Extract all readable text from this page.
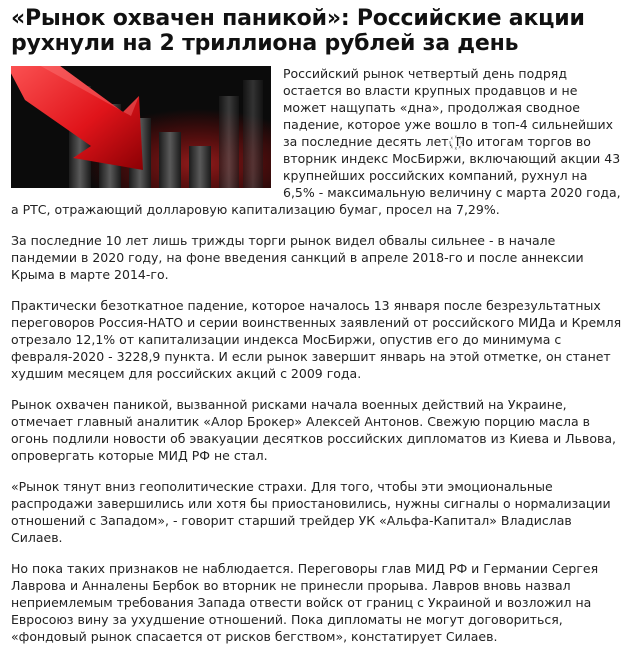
«Рынок охвачен паникой»: Российские акции рухнули на 2 триллиона рублей за день

Российский рынок четвертый день подряд остается во власти крупных продавцов и не может нащупать «дна», продолжая сводное падение, которое уже вошло в топ-4 сильнейших за последние десять лет. По итогам торгов во вторник индекс МосБиржи, включающий акции 43 крупнейших российских компаний, рухнул на 6,5% - максимальную величину с марта 2020 года, а РТС, отражающий долларовую капитализацию бумаг, просел на 7,29%.

За последние 10 лет лишь трижды торги рынок видел обвалы сильнее - в начале пандемии в 2020 году, на фоне введения санкций в апреле 2018-го и после аннексии Крыма в марте 2014-го.

Практически безоткатное падение, которое началось 13 января после безрезультатных переговоров Россия-НАТО и серии воинственных заявлений от российского МИДа и Кремля отрезало 12,1% от капитализации индекса МосБиржи, опустив его до минимума с февраля-2020 - 3228,9 пункта. И если рынок завершит январь на этой отметке, он станет худшим месяцем для российских акций с 2009 года.

Рынок охвачен паникой, вызванной рисками начала военных действий на Украине, отмечает главный аналитик «Алор Брокер» Алексей Антонов. Свежую порцию масла в огонь подлили новости об эвакуации десятков российских дипломатов из Киева и Львова, опровергать которые МИД РФ не стал.

«Рынок тянут вниз геополитические страхи. Для того, чтобы эти эмоциональные распродажи завершились или хотя бы приостановились, нужны сигналы о нормализации отношений с Западом», - говорит старший трейдер УК «Альфа-Капитал» Владислав Силаев.

Но пока таких признаков не наблюдается. Переговоры глав МИД РФ и Германии Сергея Лаврова и Анналены Бербок во вторник не принесли прорыва. Лавров вновь назвал неприемлемым требования Запада отвести войск от границ с Украиной и возложил на Евросоюз вину за ухудшение отношений. Пока дипломаты не могут договориться, «фондовый рынок спасается от рисков бегством», констатирует Силаев.
